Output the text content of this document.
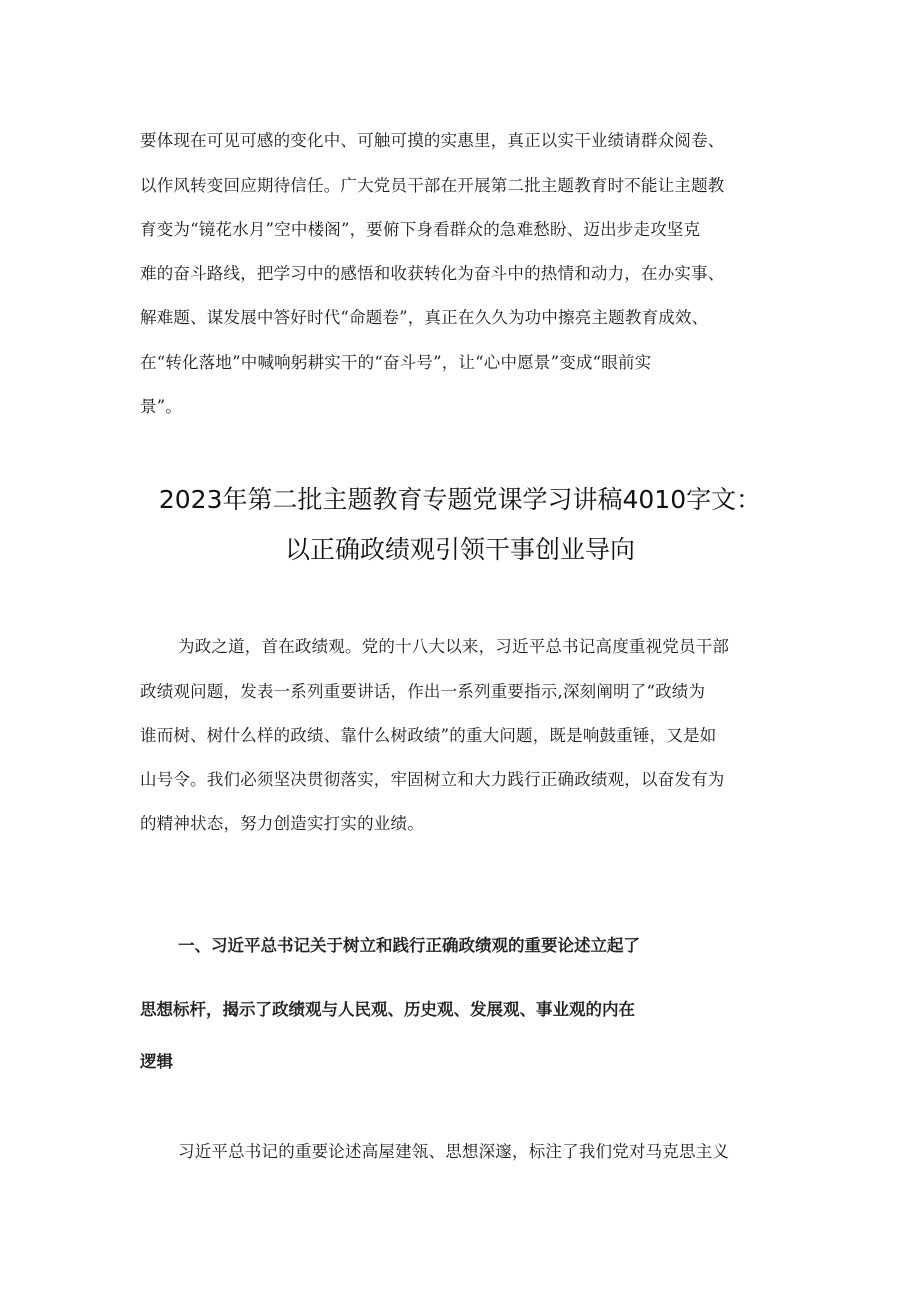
要体现在可见可感的变化中、可触可摸的实惠里，真正以实干业绩请群众阅卷、
以作风转变回应期待信任。广大党员干部在开展第二批主题教育时不能让主题教
育变为“镜花水月”空中楼阁”，要俯下身看群众的急难愁盼、迈出步走攻坚克
难的奋斗路线，把学习中的感悟和收获转化为奋斗中的热情和动力，在办实事、
解难题、谋发展中答好时代“命题卷”，真正在久久为功中擦亮主题教育成效、
在“转化落地”中喊响躬耕实干的“奋斗号”，让“心中愿景”变成“眼前实
景”。
2023年第二批主题教育专题党课学习讲稿4010字文：
以正确政绩观引领干事创业导向
为政之道，首在政绩观。党的十八大以来，习近平总书记高度重视党员干部
政绩观问题，发表一系列重要讲话，作出一系列重要指示,深刻阐明了“政绩为
谁而树、树什么样的政绩、靠什么树政绩”的重大问题，既是响鼓重锤，又是如
山号令。我们必须坚决贯彻落实，牢固树立和大力践行正确政绩观，以奋发有为
的精神状态，努力创造实打实的业绩。
一、习近平总书记关于树立和践行正确政绩观的重要论述立起了
思想标杆，揭示了政绩观与人民观、历史观、发展观、事业观的内在
逻辑
习近平总书记的重要论述高屋建瓴、思想深邃，标注了我们党对马克思主义
